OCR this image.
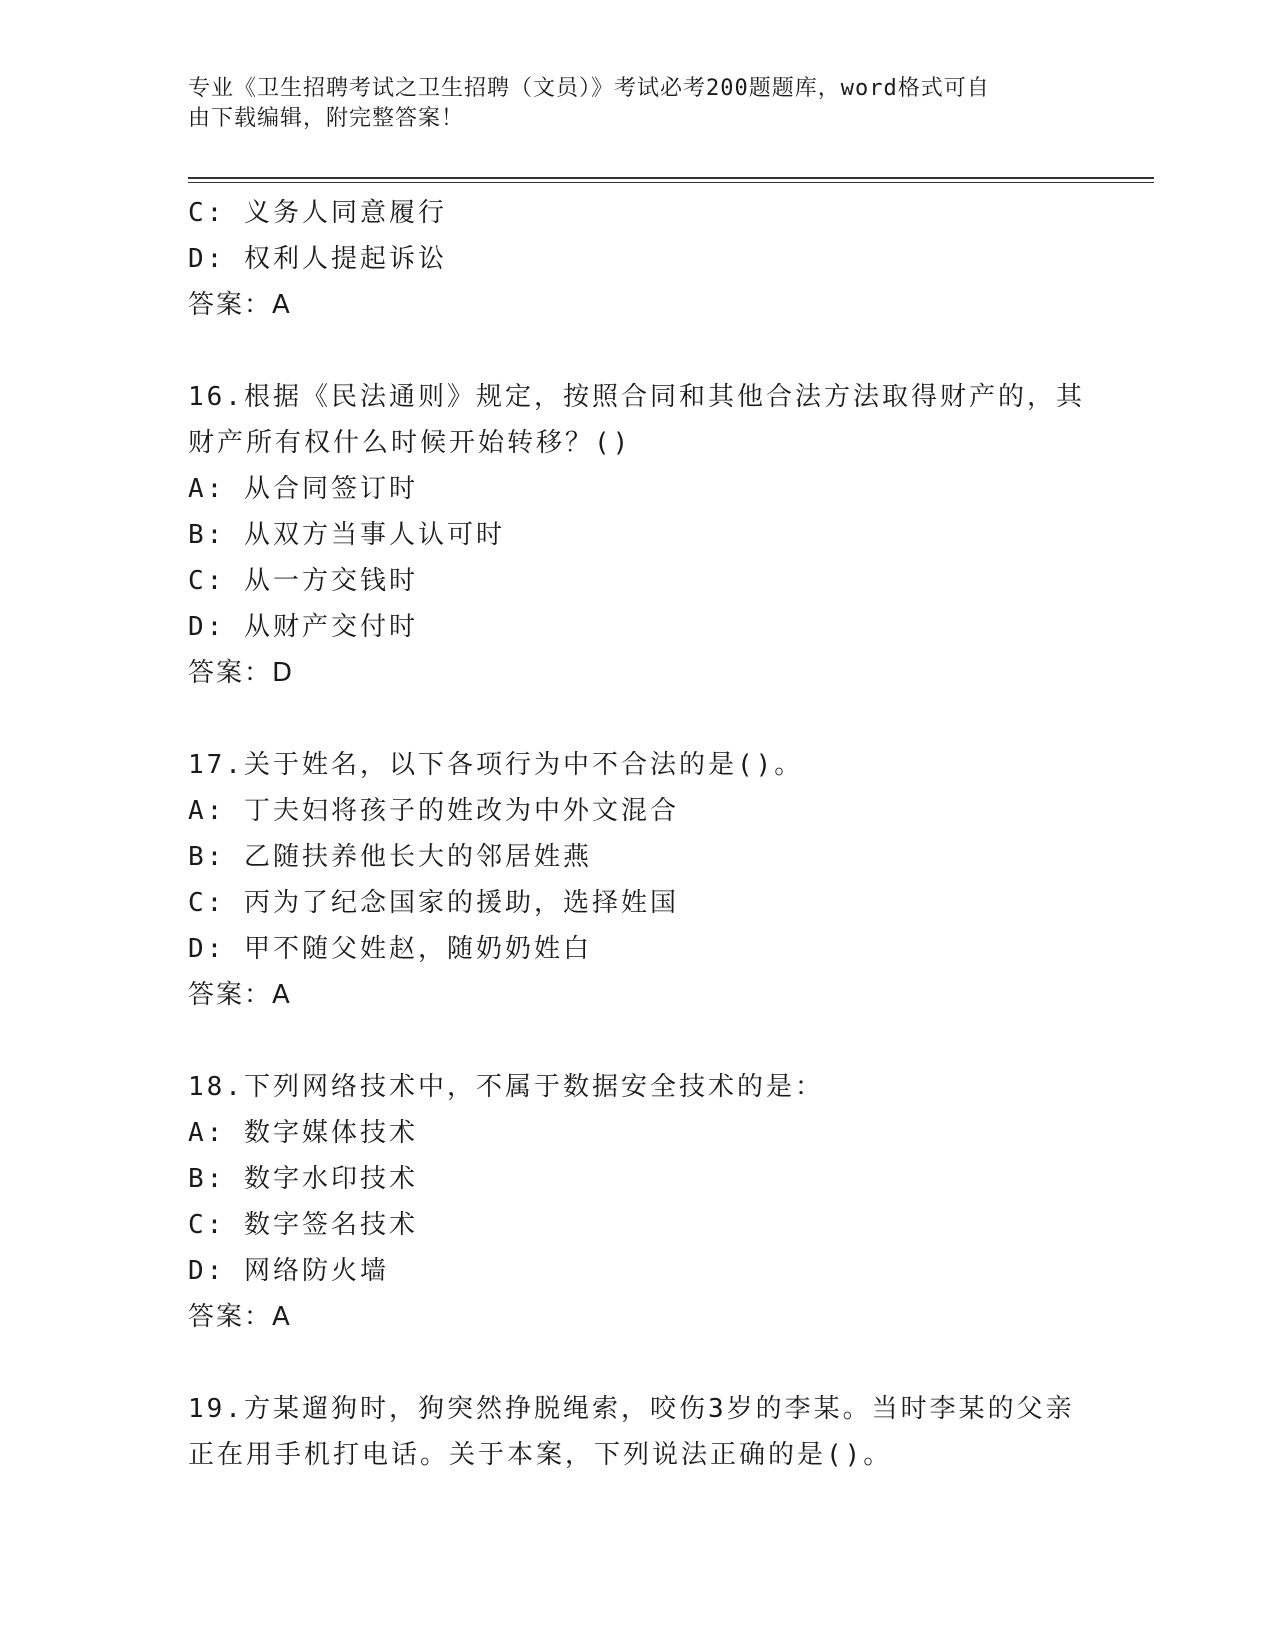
专业《卫生招聘考试之卫生招聘（文员）》考试必考200题题库，word格式可自
由下载编辑，附完整答案！
C: 义务人同意履行
D: 权利人提起诉讼
答案：A
16.根据《民法通则》规定，按照合同和其他合法方法取得财产的，其
财产所有权什么时候开始转移？()
A: 从合同签订时
B: 从双方当事人认可时
C: 从一方交钱时
D: 从财产交付时
答案：D
17.关于姓名，以下各项行为中不合法的是()。
A: 丁夫妇将孩子的姓改为中外文混合
B: 乙随扶养他长大的邻居姓燕
C: 丙为了纪念国家的援助，选择姓国
D: 甲不随父姓赵，随奶奶姓白
答案：A
18.下列网络技术中，不属于数据安全技术的是：
A: 数字媒体技术
B: 数字水印技术
C: 数字签名技术
D: 网络防火墙
答案：A
19.方某遛狗时，狗突然挣脱绳索，咬伤3岁的李某。当时李某的父亲
正在用手机打电话。关于本案，下列说法正确的是()。
